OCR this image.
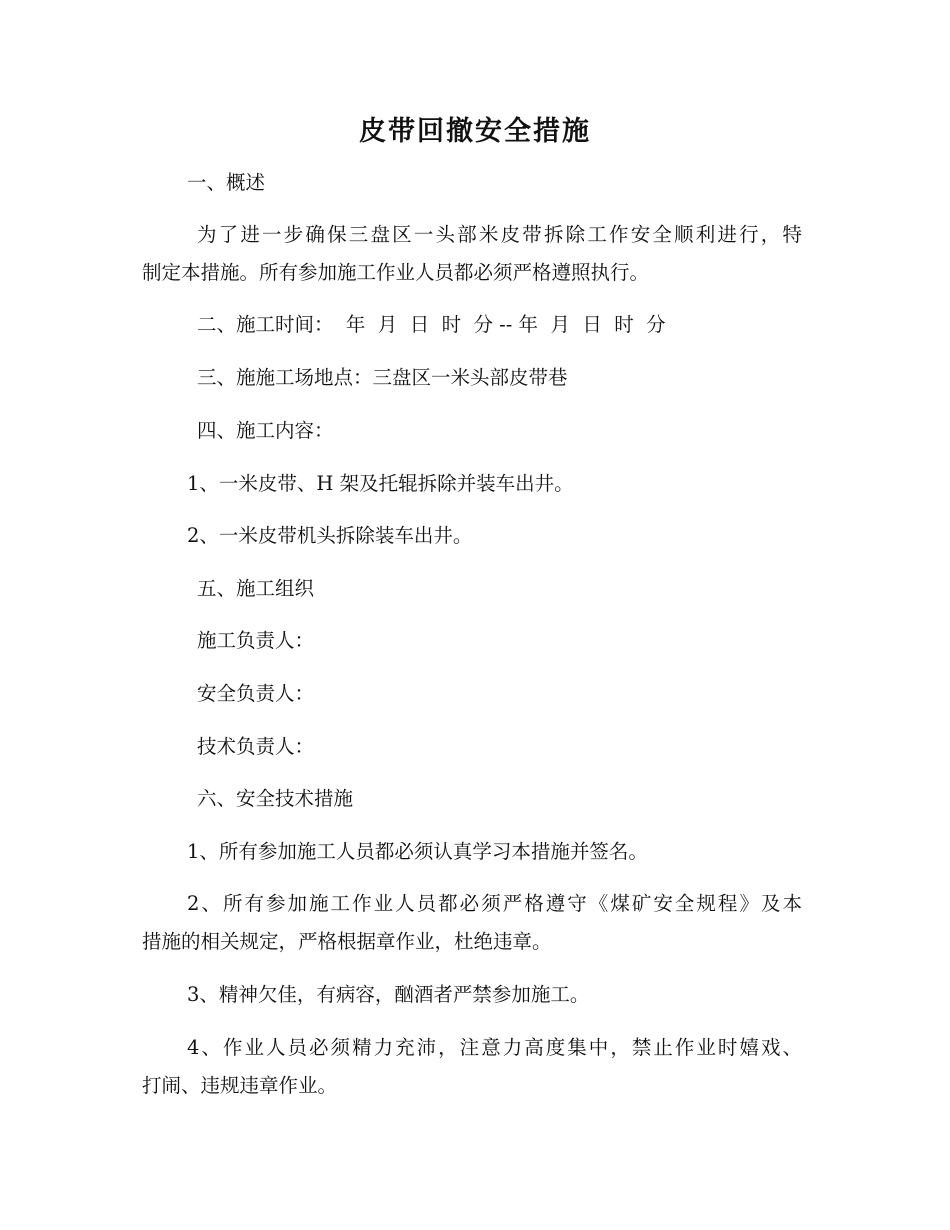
皮带回撤安全措施
一、概述
为了进一步确保三盘区一头部米皮带拆除工作安全顺利进行，特
制定本措施。所有参加施工作业人员都必须严格遵照执行。
二、施工时间：  年  月  日  时  分 -- 年  月  日  时  分
三、施施工场地点：三盘区一米头部皮带巷
四、施工内容：
1、一米皮带、H 架及托辊拆除并装车出井。
2、一米皮带机头拆除装车出井。
五、施工组织
施工负责人：
安全负责人：
技术负责人：
六、安全技术措施
1、所有参加施工人员都必须认真学习本措施并签名。
2、所有参加施工作业人员都必须严格遵守《煤矿安全规程》及本
措施的相关规定，严格根据章作业，杜绝违章。
3、精神欠佳，有病容，酗酒者严禁参加施工。
4、作业人员必须精力充沛，注意力高度集中，禁止作业时嬉戏、
打闹、违规违章作业。
